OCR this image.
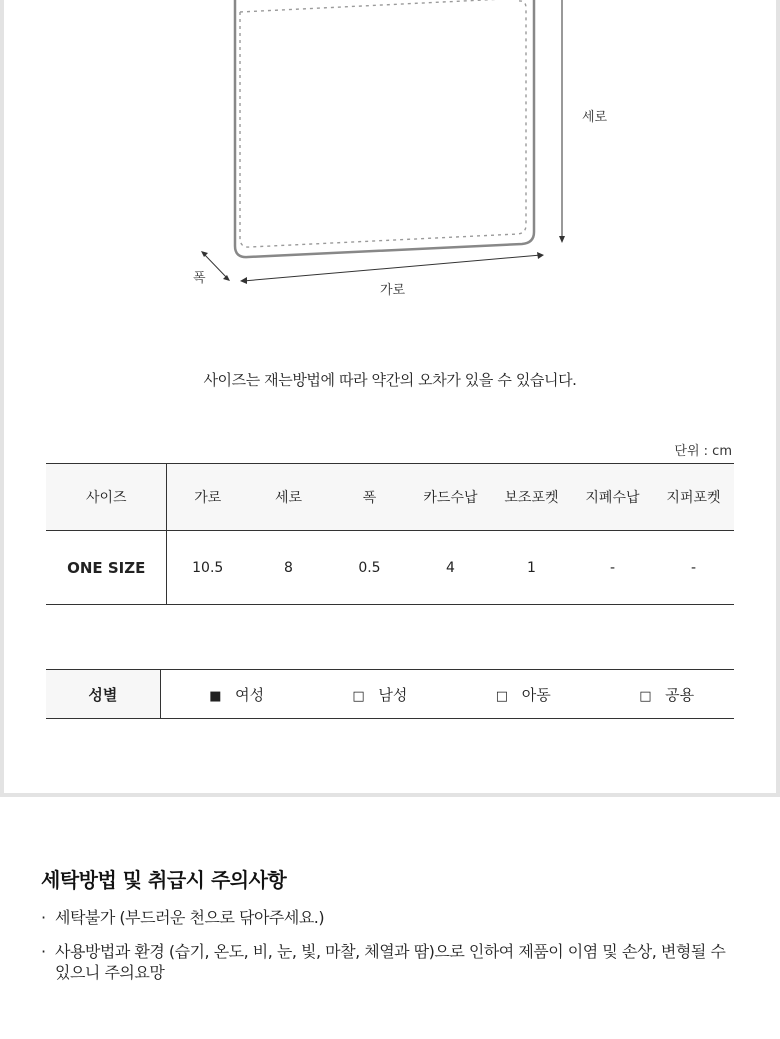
세로
폭
가로
사이즈는 재는방법에 따라 약간의 오차가 있을 수 있습니다.
단위 : cm
사이즈	가로	세로	폭	카드수납	보조포켓	지폐수납	지퍼포켓
ONE SIZE	10.5	8	0.5	4	1	-	-
성별	■ 여성	□ 남성	□ 아동	□ 공용
세탁방법 및 취급시 주의사항
· 세탁불가 (부드러운 천으로 닦아주세요.)
· 사용방법과 환경 (습기, 온도, 비, 눈, 빛, 마찰, 체열과 땀)으로 인하여 제품이 이염 및 손상, 변형될 수 있으니 주의요망
